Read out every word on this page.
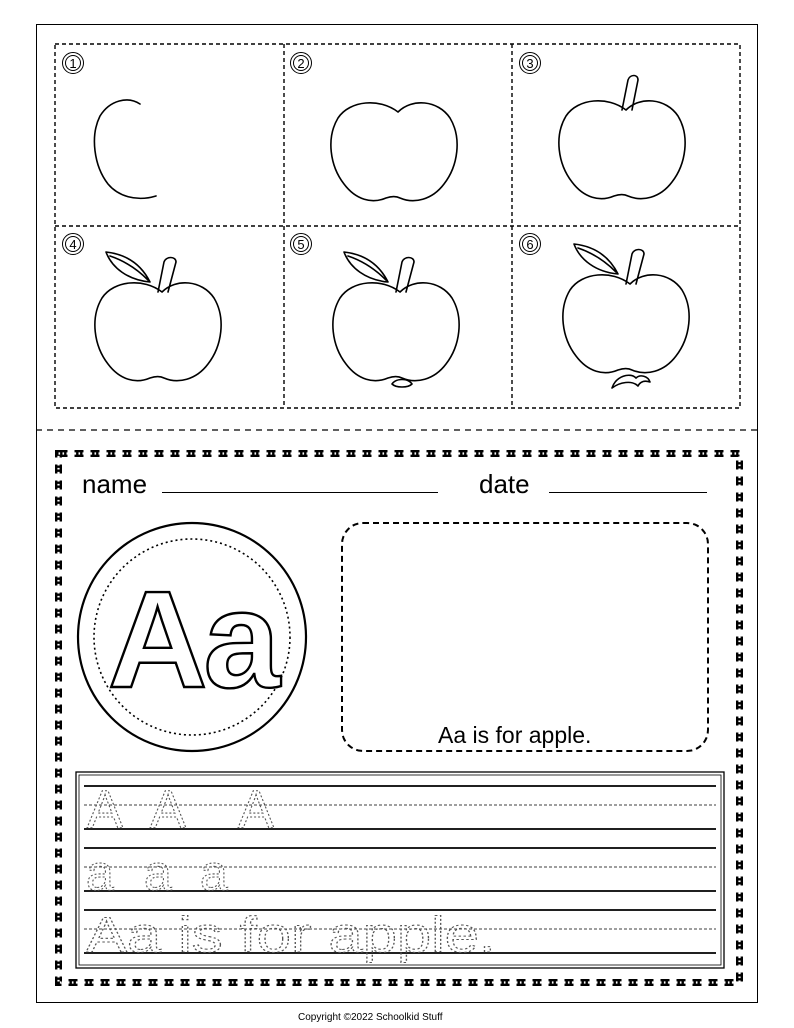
1	2	3
4	5	6
name	date
Aa
Aa is for apple.
A A A
a a a
Aa is for apple.
Copyright ©2022 Schoolkid Stuff
